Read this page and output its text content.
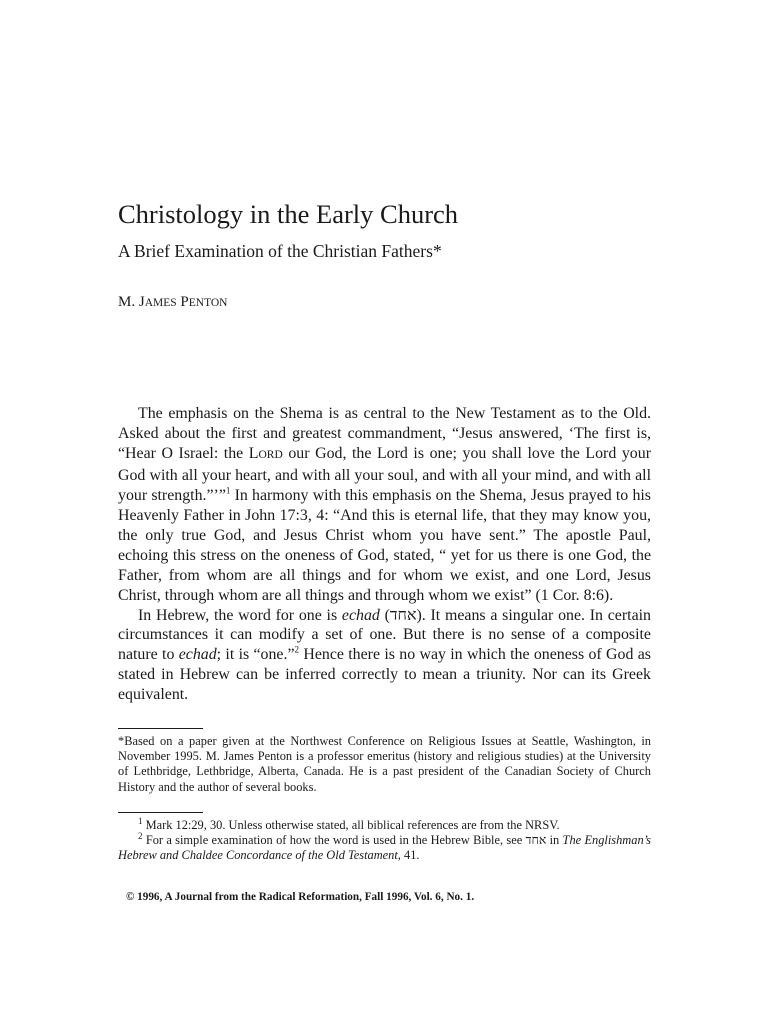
Christology in the Early Church
A Brief Examination of the Christian Fathers*
M. JAMES PENTON

The emphasis on the Shema is as central to the New Testament as to the Old. Asked about the first and greatest commandment, “Jesus answered, ‘The first is, “Hear O Israel: the LORD our God, the Lord is one; you shall love the Lord your God with all your heart, and with all your soul, and with all your mind, and with all your strength.”’”$^1$ In harmony with this emphasis on the Shema, Jesus prayed to his Heavenly Father in John 17:3, 4: “And this is eternal life, that they may know you, the only true God, and Jesus Christ whom you have sent.” The apostle Paul, echoing this stress on the oneness of God, stated, “ yet for us there is one God, the Father, from whom are all things and for whom we exist, and one Lord, Jesus Christ, through whom are all things and through whom we exist” (1 Cor. 8:6).

In Hebrew, the word for one is echad (אחד). It means a singular one. In certain circumstances it can modify a set of one. But there is no sense of a composite nature to echad; it is “one.”$^2$ Hence there is no way in which the oneness of God as stated in Hebrew can be inferred correctly to mean a triunity. Nor can its Greek equivalent.

*Based on a paper given at the Northwest Conference on Religious Issues at Seattle, Washington, in November 1995. M. James Penton is a professor emeritus (history and religious studies) at the University of Lethbridge, Lethbridge, Alberta, Canada. He is a past president of the Canadian Society of Church History and the author of several books.

$^1$ Mark 12:29, 30. Unless otherwise stated, all biblical references are from the NRSV.

$^2$ For a simple examination of how the word is used in the Hebrew Bible, see אחד in The Englishman’s Hebrew and Chaldee Concordance of the Old Testament, 41.

© 1996, A Journal from the Radical Reformation, Fall 1996, Vol. 6, No. 1.
